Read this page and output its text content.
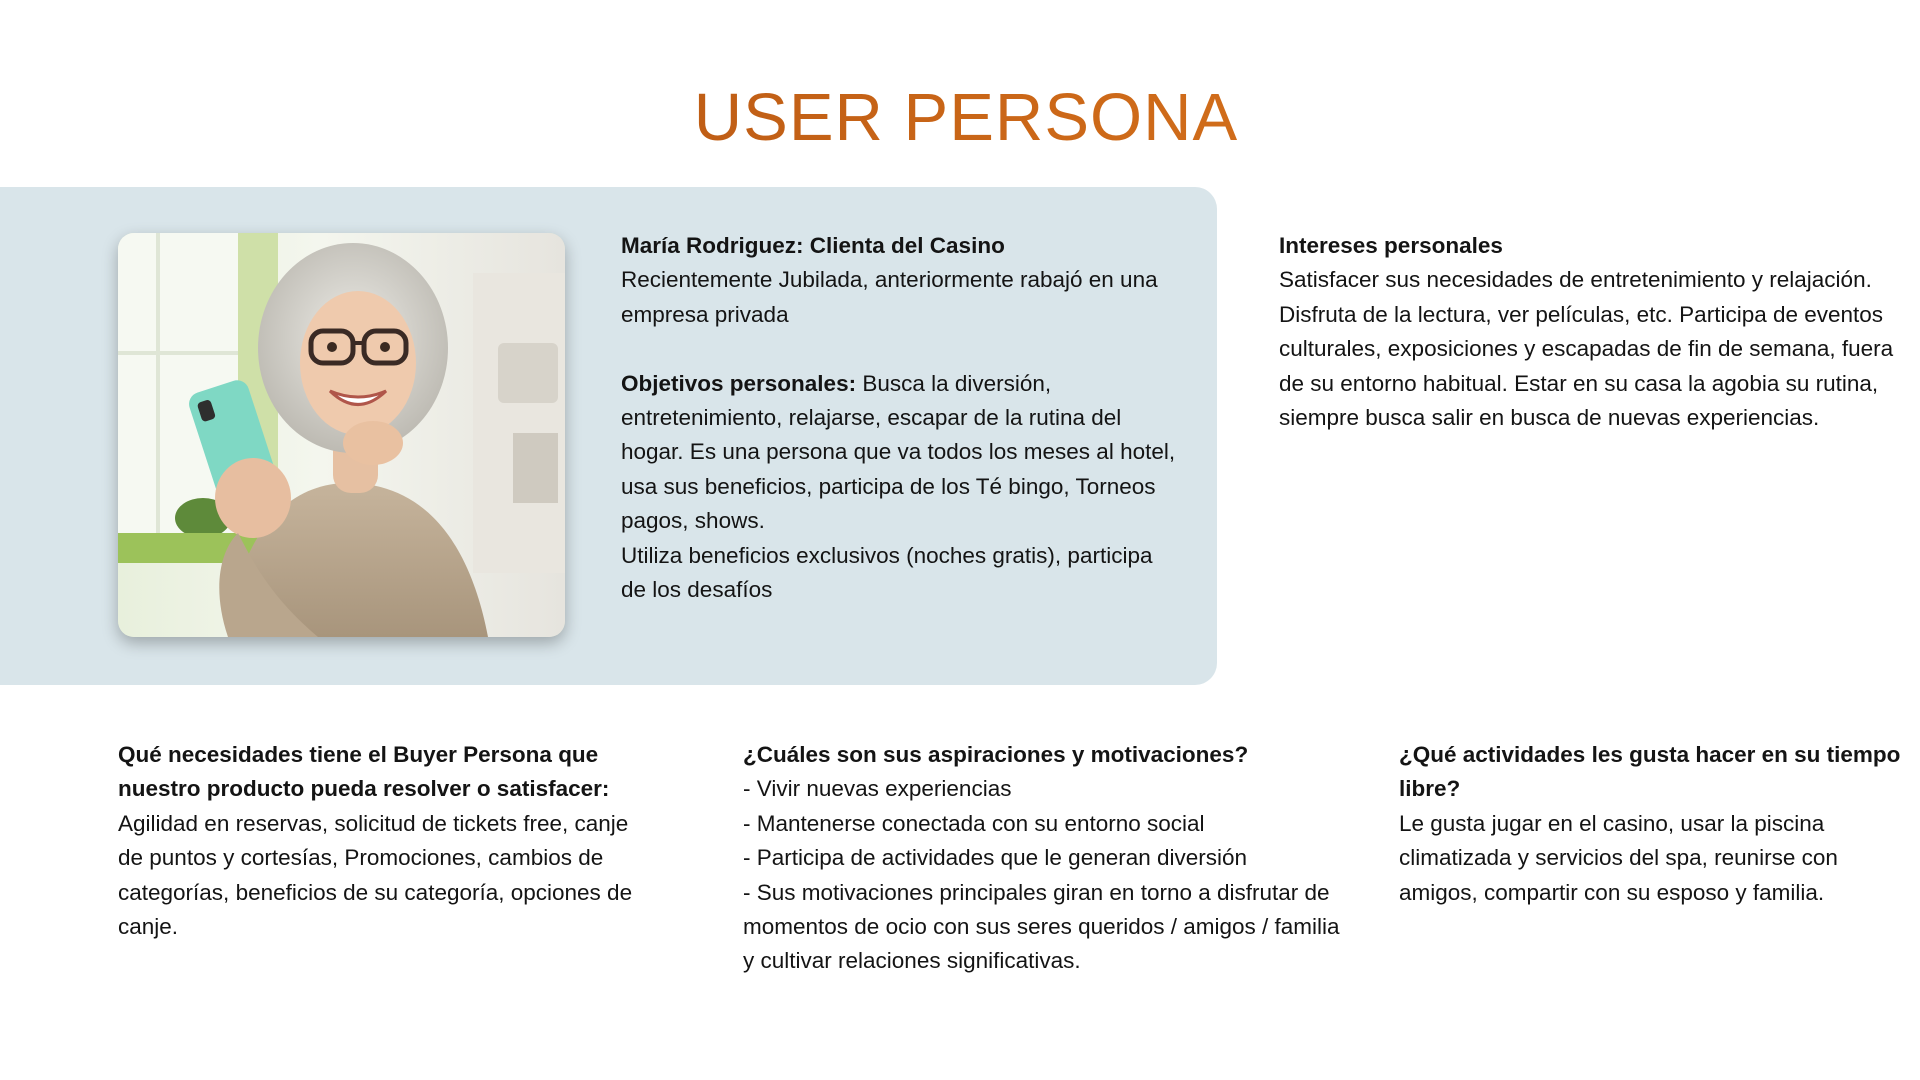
USER PERSONA
María Rodriguez: Clienta del Casino
Recientemente Jubilada, anteriormente rabajó en una empresa privada
Objetivos personales: Busca la diversión, entretenimiento, relajarse, escapar de la rutina del hogar. Es una persona que va todos los meses al hotel, usa sus beneficios, participa de los Té bingo, Torneos pagos, shows.
Utiliza beneficios exclusivos (noches gratis), participa de los desafíos
Intereses personales
Satisfacer sus necesidades de entretenimiento y relajación. Disfruta de la lectura, ver películas, etc. Participa de eventos culturales, exposiciones y escapadas de fin de semana, fuera de su entorno habitual. Estar en su casa la agobia su rutina, siempre busca salir en busca de nuevas experiencias.
Qué necesidades tiene el Buyer Persona que nuestro producto pueda resolver o satisfacer:
Agilidad en reservas, solicitud de tickets free, canje de puntos y cortesías, Promociones, cambios de categorías, beneficios de su categoría, opciones de canje.
¿Cuáles son sus aspiraciones y motivaciones?
- Vivir nuevas experiencias
- Mantenerse conectada con su entorno social
- Participa de actividades que le generan diversión
- Sus motivaciones principales giran en torno a disfrutar de momentos de ocio con sus seres queridos / amigos / familia y cultivar relaciones significativas.
¿Qué actividades les gusta hacer en su tiempo libre?
Le gusta jugar en el casino, usar la piscina climatizada y servicios del spa, reunirse con amigos, compartir con su esposo y familia.
